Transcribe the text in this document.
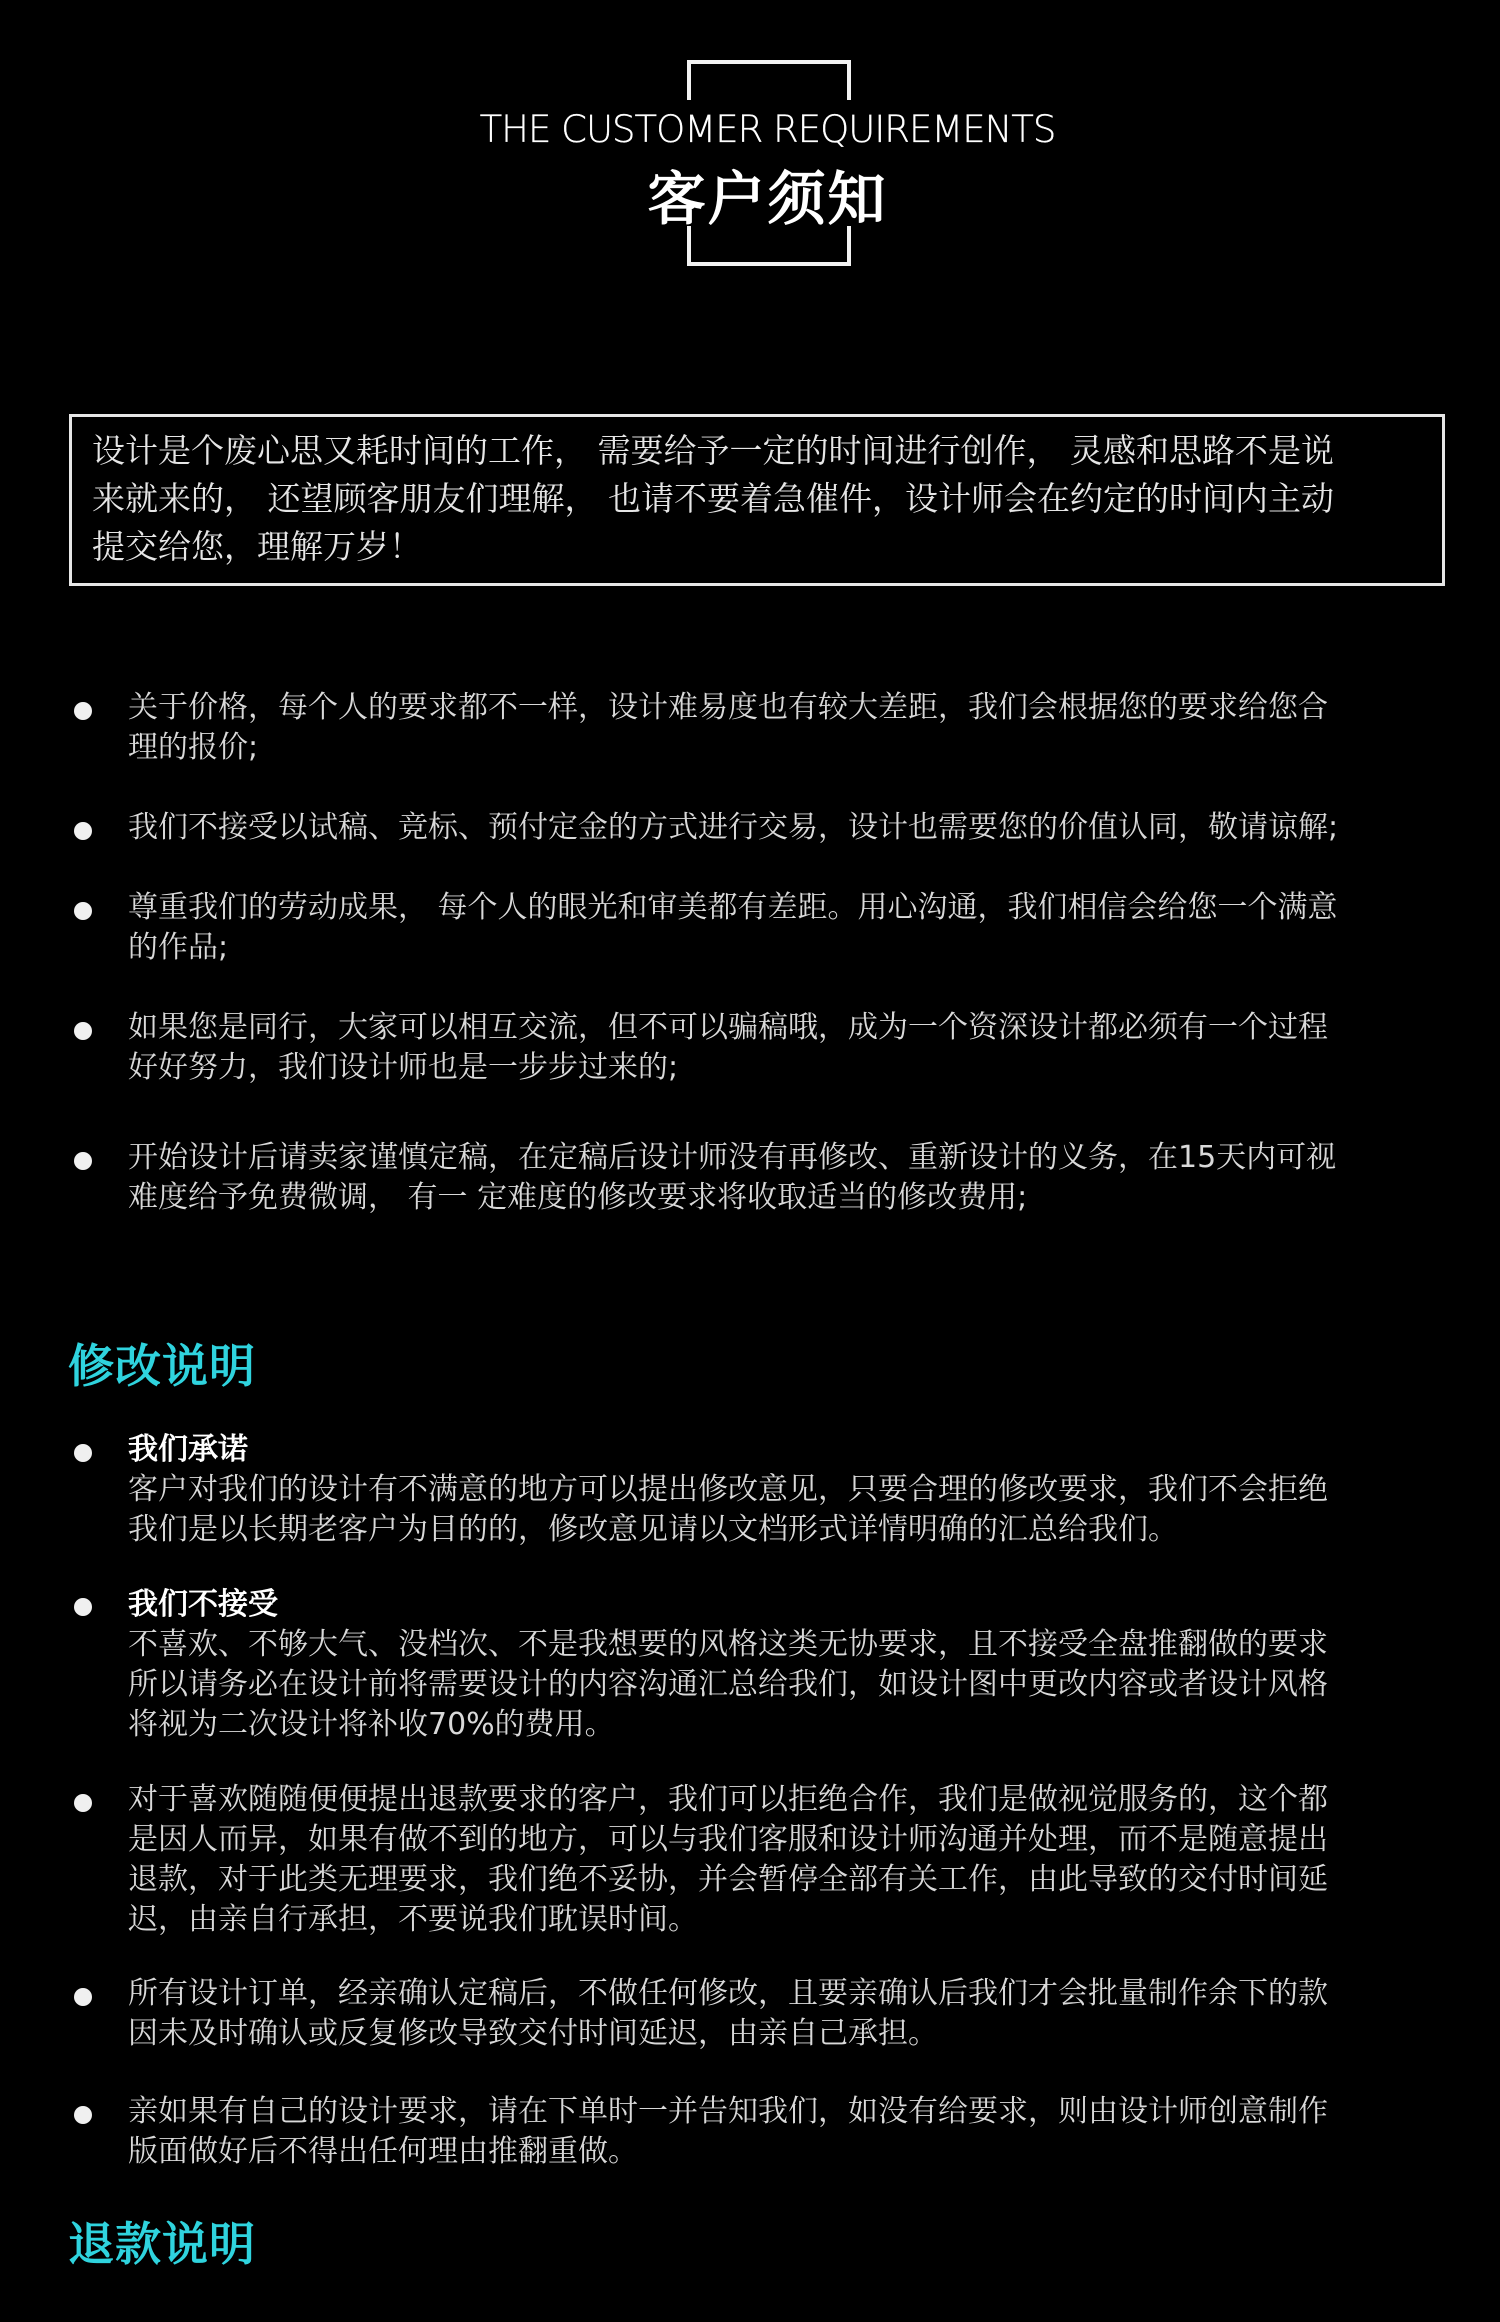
THE CUSTOMER REQUIREMENTS
客户须知
设计是个废心思又耗时间的工作， 需要给予一定的时间进行创作， 灵感和思路不是说
来就来的， 还望顾客朋友们理解， 也请不要着急催件，设计师会在约定的时间内主动
提交给您，理解万岁！
关于价格，每个人的要求都不一样，设计难易度也有较大差距，我们会根据您的要求给您合
理的报价;
我们不接受以试稿、竞标、预付定金的方式进行交易，设计也需要您的价值认同，敬请谅解;
尊重我们的劳动成果， 每个人的眼光和审美都有差距。用心沟通，我们相信会给您一个满意
的作品;
如果您是同行，大家可以相互交流，但不可以骗稿哦，成为一个资深设计都必须有一个过程
好好努力，我们设计师也是一步步过来的;
开始设计后请卖家谨慎定稿，在定稿后设计师没有再修改、重新设计的义务，在15天内可视
难度给予免费微调， 有一 定难度的修改要求将收取适当的修改费用;
修改说明
我们承诺
客户对我们的设计有不满意的地方可以提出修改意见，只要合理的修改要求，我们不会拒绝
我们是以长期老客户为目的的，修改意见请以文档形式详情明确的汇总给我们。
我们不接受
不喜欢、不够大气、没档次、不是我想要的风格这类无协要求，且不接受全盘推翻做的要求
所以请务必在设计前将需要设计的内容沟通汇总给我们，如设计图中更改内容或者设计风格
将视为二次设计将补收70%的费用。
对于喜欢随随便便提出退款要求的客户，我们可以拒绝合作，我们是做视觉服务的，这个都
是因人而异，如果有做不到的地方，可以与我们客服和设计师沟通并处理，而不是随意提出
退款，对于此类无理要求，我们绝不妥协，并会暂停全部有关工作，由此导致的交付时间延
迟，由亲自行承担，不要说我们耽误时间。
所有设计订单，经亲确认定稿后，不做任何修改，且要亲确认后我们才会批量制作余下的款
因未及时确认或反复修改导致交付时间延迟，由亲自己承担。
亲如果有自己的设计要求，请在下单时一并告知我们，如没有给要求，则由设计师创意制作
版面做好后不得出任何理由推翻重做。
退款说明
